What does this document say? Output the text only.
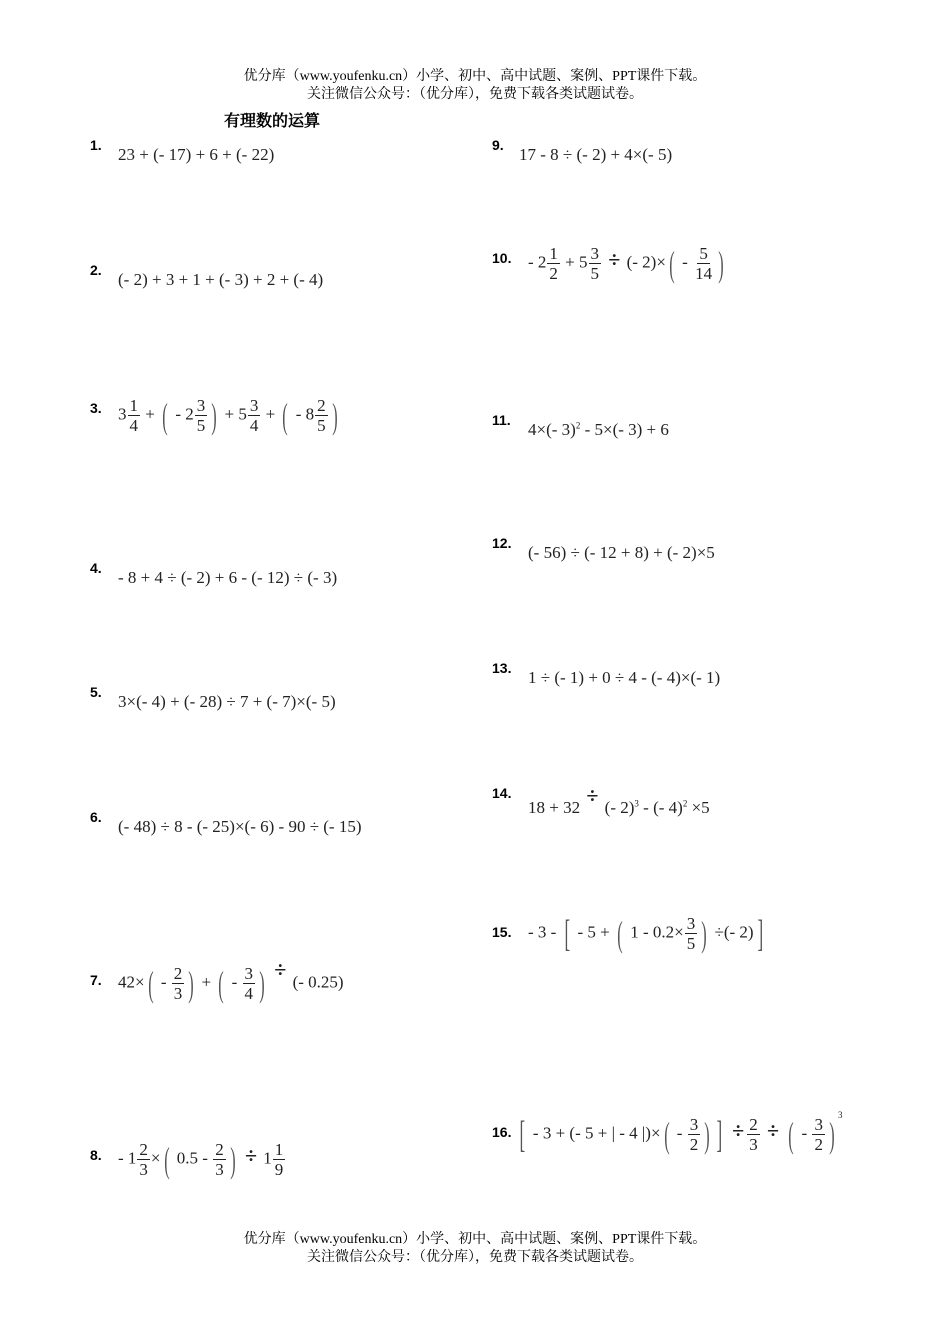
优分库（www.youfenku.cn）小学、初中、高中试题、案例、PPT课件下载。
关注微信公众号：（优分库），免费下载各类试题试卷。
有理数的运算
1. 23 + (- 17) + 6 + (- 22)
2. (- 2) + 3 + 1 + (- 3) + 2 + (- 4)
3. $3 \frac{1}{4}$ + ( - $2 \frac{3}{5}$ ) + $5 \frac{3}{4}$ + ( - $8 \frac{2}{5}$ )
4. - 8 + 4 ÷ (- 2) + 6 - (- 12) ÷ (- 3)
5. 3×(- 4) + (- 28) ÷ 7 + (- 7)×(- 5)
6. (- 48) ÷ 8 - (- 25)×(- 6) - 90 ÷ (- 15)
7. $42\times( - \frac{2}{3}$ ) + ( - $\frac{3}{4}$ ) ÷ (- 0.25)
8. - $1 \frac{2}{3}$ ×( $0.5 - \frac{2}{3}$ ) ÷ $1 \frac{1}{9}$
9. 17 - 8 ÷ (- 2) + 4×(- 5)
10. - $2 \frac{1}{2} + 5 \frac{3}{5}$ ÷ (- $2)\times( - \frac{5}{14}$ )
11. 4×(- 3)$^2$ - 5×(- 3) + 6
12. (- 56) ÷ (- 12 + 8) + (- 2)×5
13. 1 ÷ (- 1) + 0 ÷ 4 - (- 4)×(- 1)
14.
18 + 32 ÷ (- 2)$^3$ - (- 4)$^2$ ×5
15. - 3 - [ - 5 + ( $1 - 0.2\times \frac{3}{5}$ ) ÷(- 2)]
16. [ - 3 + (- 5 + | - 4 |)×( - $\frac{3}{2}$ ) ] ÷ $\frac{2}{3}$ ÷ ( - $\frac{3}{2}$ ) $^3$
优分库（www.youfenku.cn）小学、初中、高中试题、案例、PPT课件下载。
关注微信公众号：（优分库），免费下载各类试题试卷。
